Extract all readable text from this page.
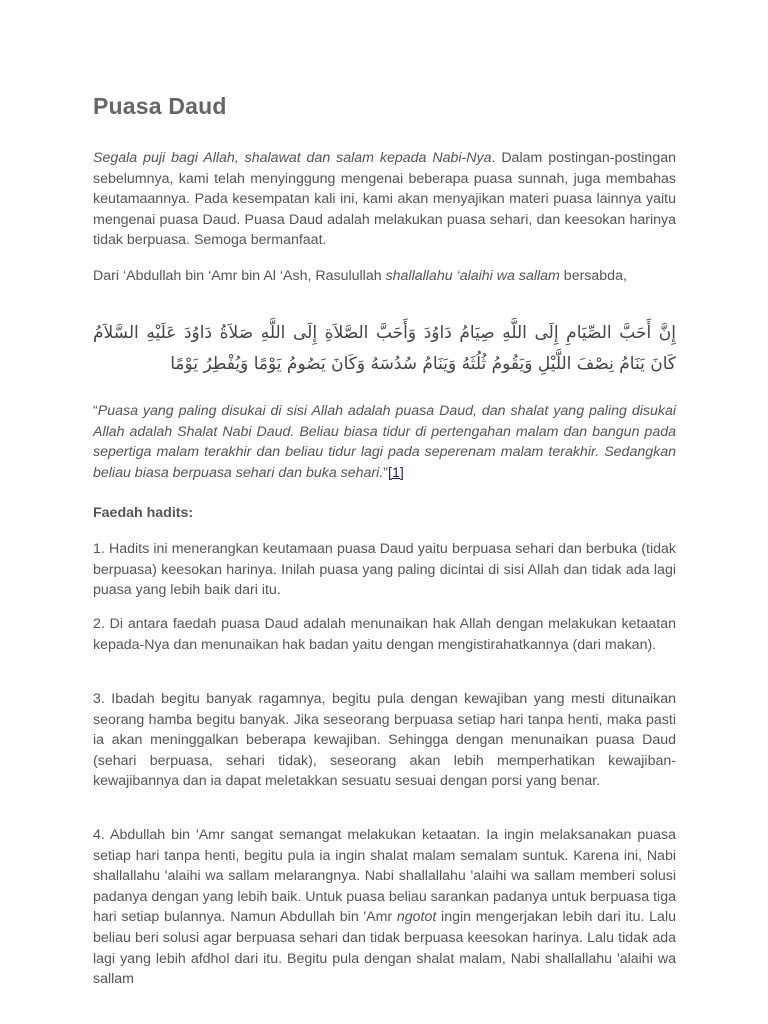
Puasa Daud

Segala puji bagi Allah, shalawat dan salam kepada Nabi-Nya. Dalam postingan-postingan sebelumnya, kami telah menyinggung mengenai beberapa puasa sunnah, juga membahas keutamaannya. Pada kesempatan kali ini, kami akan menyajikan materi puasa lainnya yaitu mengenai puasa Daud. Puasa Daud adalah melakukan puasa sehari, dan keesokan harinya tidak berpuasa. Semoga bermanfaat.

Dari ‘Abdullah bin ‘Amr bin Al ‘Ash, Rasulullah shallallahu ‘alaihi wa sallam bersabda,

إِنَّ أَحَبَّ الصِّيَامِ إِلَى اللَّهِ صِيَامُ دَاوُدَ وَأَحَبَّ الصَّلاَةِ إِلَى اللَّهِ صَلاَةُ دَاوُدَ عَلَيْهِ السَّلاَمُ كَانَ يَنَامُ نِصْفَ اللَّيْلِ وَيَقُومُ ثُلُثَهُ وَيَنَامُ سُدُسَهُ وَكَانَ يَصُومُ يَوْمًا وَيُفْطِرُ يَوْمًا

“Puasa yang paling disukai di sisi Allah adalah puasa Daud, dan shalat yang paling disukai Allah adalah Shalat Nabi Daud. Beliau biasa tidur di pertengahan malam dan bangun pada sepertiga malam terakhir dan beliau tidur lagi pada seperenam malam terakhir. Sedangkan beliau biasa berpuasa sehari dan buka sehari.”[1]

Faedah hadits:

1. Hadits ini menerangkan keutamaan puasa Daud yaitu berpuasa sehari dan berbuka (tidak berpuasa) keesokan harinya. Inilah puasa yang paling dicintai di sisi Allah dan tidak ada lagi puasa yang lebih baik dari itu.

2. Di antara faedah puasa Daud adalah menunaikan hak Allah dengan melakukan ketaatan kepada-Nya dan menunaikan hak badan yaitu dengan mengistirahatkannya (dari makan).

3. Ibadah begitu banyak ragamnya, begitu pula dengan kewajiban yang mesti ditunaikan seorang hamba begitu banyak. Jika seseorang berpuasa setiap hari tanpa henti, maka pasti ia akan meninggalkan beberapa kewajiban. Sehingga dengan menunaikan puasa Daud (sehari berpuasa, sehari tidak), seseorang akan lebih memperhatikan kewajiban-kewajibannya dan ia dapat meletakkan sesuatu sesuai dengan porsi yang benar.

4. Abdullah bin 'Amr sangat semangat melakukan ketaatan. Ia ingin melaksanakan puasa setiap hari tanpa henti, begitu pula ia ingin shalat malam semalam suntuk. Karena ini, Nabi shallallahu 'alaihi wa sallam melarangnya. Nabi shallallahu 'alaihi wa sallam memberi solusi padanya dengan yang lebih baik. Untuk puasa beliau sarankan padanya untuk berpuasa tiga hari setiap bulannya. Namun Abdullah bin 'Amr ngotot ingin mengerjakan lebih dari itu. Lalu beliau beri solusi agar berpuasa sehari dan tidak berpuasa keesokan harinya. Lalu tidak ada lagi yang lebih afdhol dari itu. Begitu pula dengan shalat malam, Nabi shallallahu 'alaihi wa sallam
